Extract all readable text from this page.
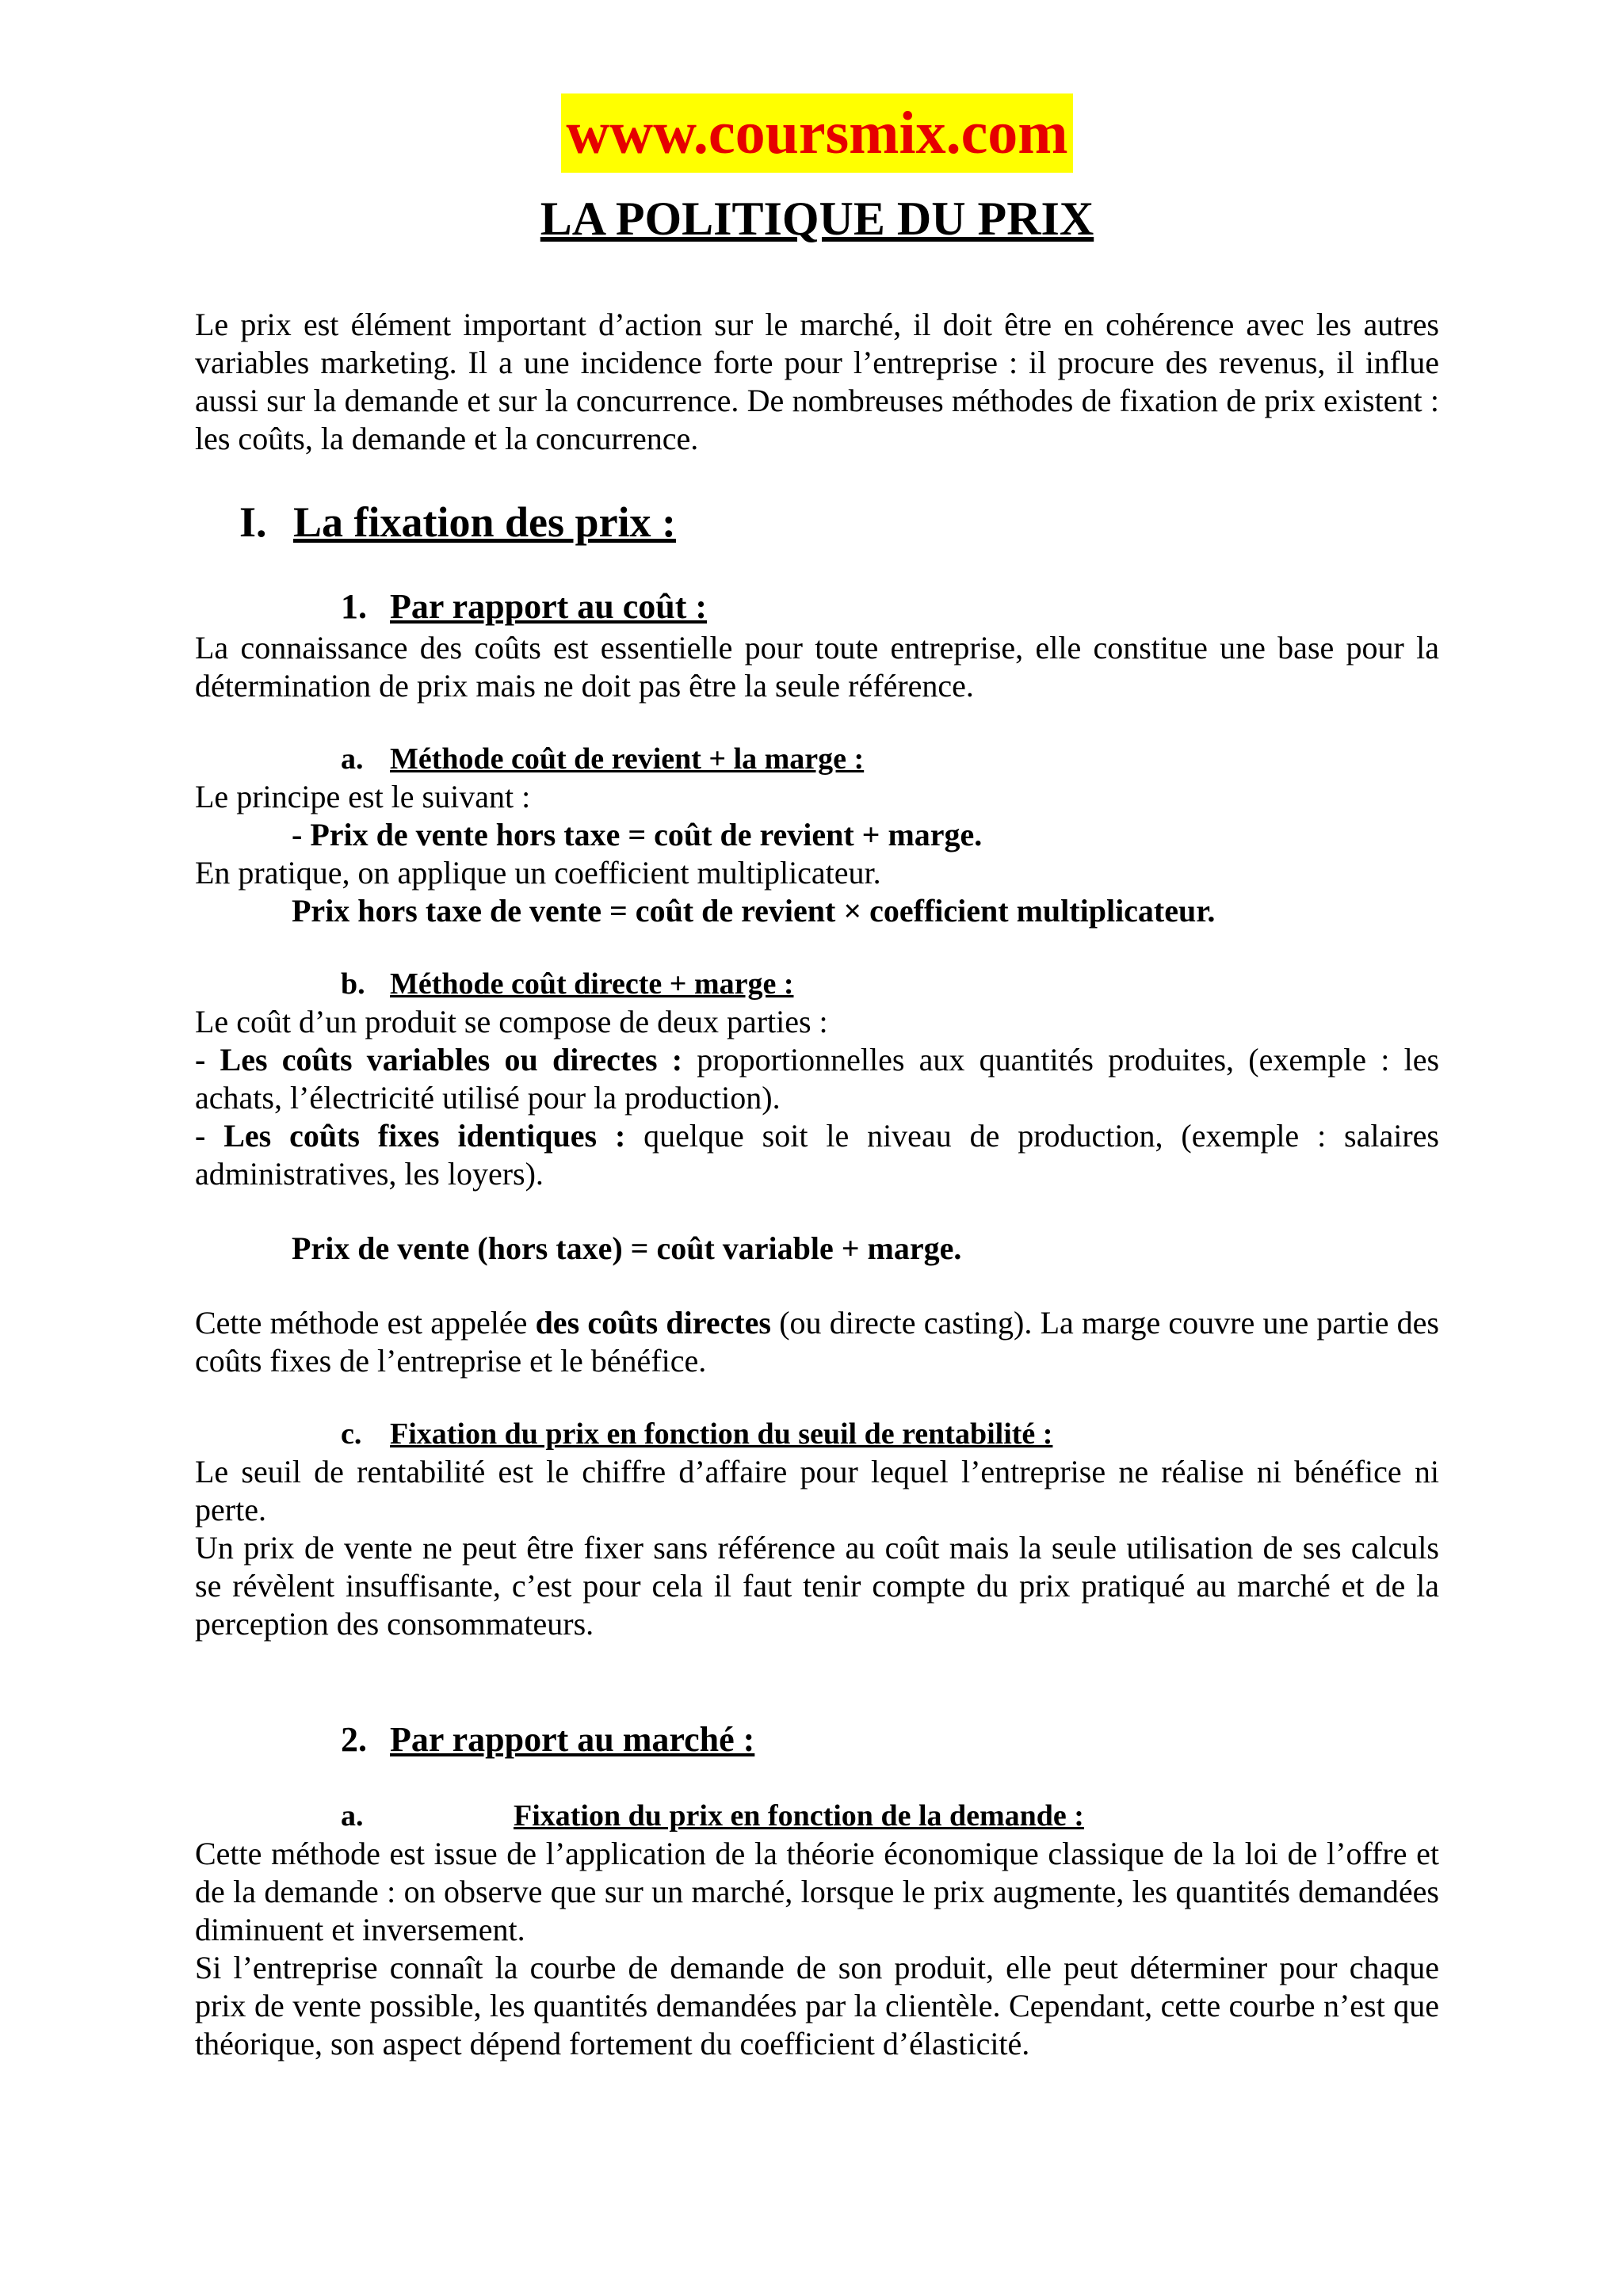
www.coursmix.com
LA POLITIQUE DU PRIX

Le prix est élément important d’action sur le marché, il doit être en cohérence avec les autres variables marketing. Il a une incidence forte pour l’entreprise : il procure des revenus, il influe aussi sur la demande et sur la concurrence. De nombreuses méthodes de fixation de prix existent : les coûts, la demande et la concurrence.

I. La fixation des prix :
1. Par rapport au coût :

La connaissance des coûts est essentielle pour toute entreprise, elle constitue une base pour la détermination de prix mais ne doit pas être la seule référence.

a. Méthode coût de revient + la marge :

Le principe est le suivant :

- Prix de vente hors taxe = coût de revient + marge.

En pratique, on applique un coefficient multiplicateur.

Prix hors taxe de vente = coût de revient × coefficient multiplicateur.

b. Méthode coût directe + marge :

Le coût d’un produit se compose de deux parties :

- Les coûts variables ou directes : proportionnelles aux quantités produites, (exemple : les achats, l’électricité utilisé pour la production).

- Les coûts fixes identiques : quelque soit le niveau de production, (exemple : salaires administratives, les loyers).

Prix de vente (hors taxe) = coût variable + marge.

Cette méthode est appelée des coûts directes (ou directe casting). La marge couvre une partie des coûts fixes de l’entreprise et le bénéfice.

c. Fixation du prix en fonction du seuil de rentabilité :

Le seuil de rentabilité est le chiffre d’affaire pour lequel l’entreprise ne réalise ni bénéfice ni perte.

Un prix de vente ne peut être fixer sans référence au coût mais la seule utilisation de ses calculs se révèlent insuffisante, c’est pour cela il faut tenir compte du prix pratiqué au marché et de la perception des consommateurs.

2. Par rapport au marché :
a.	Fixation du prix en fonction de la demande :

Cette méthode est issue de l’application de la théorie économique classique de la loi de l’offre et de la demande : on observe que sur un marché, lorsque le prix augmente, les quantités demandées diminuent et inversement.

Si l’entreprise connaît la courbe de demande de son produit, elle peut déterminer pour chaque prix de vente possible, les quantités demandées par la clientèle. Cependant, cette courbe n’est que théorique, son aspect dépend fortement du coefficient d’élasticité.
